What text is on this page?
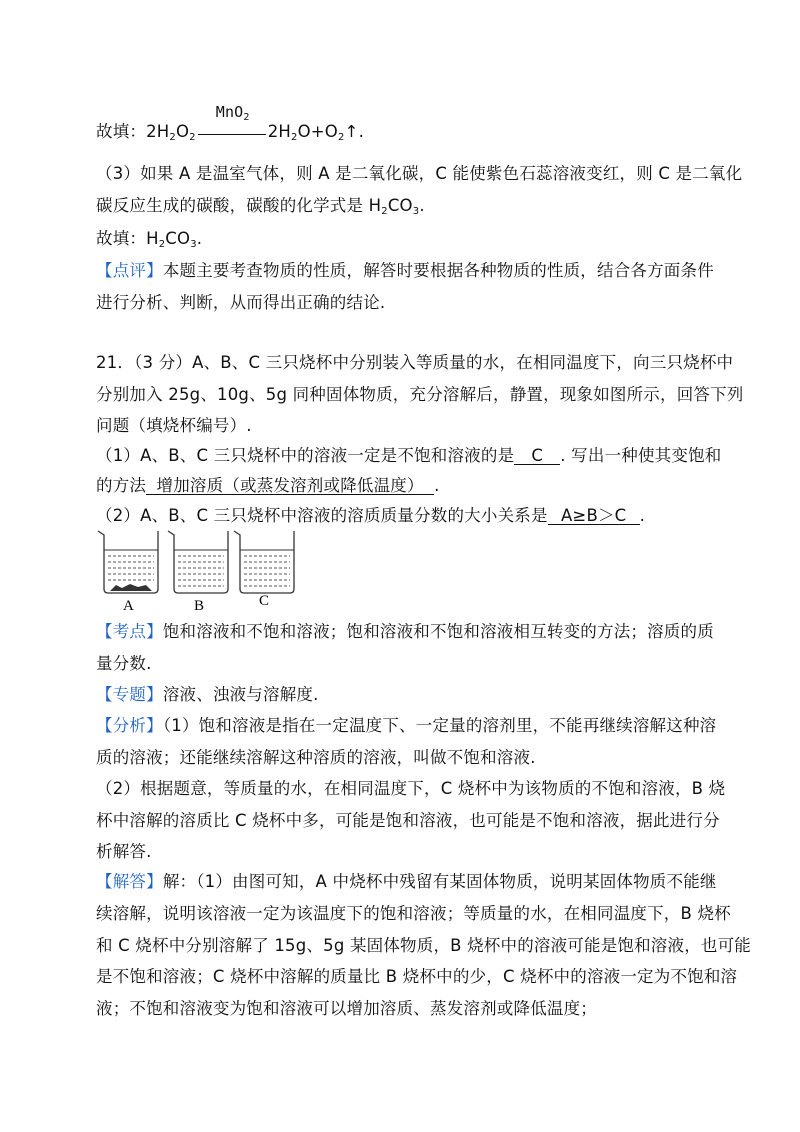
故填：$2H_2O_2$
MnO$_2$
$2H_2O+O_2↑$.
（3）如果 A 是温室气体，则 A 是二氧化碳，C 能使紫色石蕊溶液变红，则 C 是二氧化
碳反应生成的碳酸，碳酸的化学式是 $H_2CO_3$.
故填：$H_2CO_3$.
【点评】本题主要考查物质的性质，解答时要根据各种物质的性质，结合各方面条件
进行分析、判断，从而得出正确的结论.
21．（3 分）A、B、C 三只烧杯中分别装入等质量的水，在相同温度下，向三只烧杯中
分别加入 25g、10g、5g 同种固体物质，充分溶解后，静置，现象如图所示，回答下列
问题（填烧杯编号）.
（1）A、B、C 三只烧杯中的溶液一定是不饱和溶液的是 C . 写出一种使其变饱和
的方法 增加溶质（或蒸发溶剂或降低温度） .
（2）A、B、C 三只烧杯中溶液的溶质质量分数的大小关系是 A≥B＞C .
A	B	C
【考点】饱和溶液和不饱和溶液；饱和溶液和不饱和溶液相互转变的方法；溶质的质
量分数.
【专题】溶液、浊液与溶解度.
【分析】（1）饱和溶液是指在一定温度下、一定量的溶剂里，不能再继续溶解这种溶
质的溶液；还能继续溶解这种溶质的溶液，叫做不饱和溶液.
（2）根据题意，等质量的水，在相同温度下，C 烧杯中为该物质的不饱和溶液，B 烧
杯中溶解的溶质比 C 烧杯中多，可能是饱和溶液，也可能是不饱和溶液，据此进行分
析解答.
【解答】解：（1）由图可知，A 中烧杯中残留有某固体物质，说明某固体物质不能继
续溶解，说明该溶液一定为该温度下的饱和溶液；等质量的水，在相同温度下，B 烧杯
和 C 烧杯中分别溶解了 15g、5g 某固体物质，B 烧杯中的溶液可能是饱和溶液，也可能
是不饱和溶液；C 烧杯中溶解的质量比 B 烧杯中的少，C 烧杯中的溶液一定为不饱和溶
液；不饱和溶液变为饱和溶液可以增加溶质、蒸发溶剂或降低温度；
